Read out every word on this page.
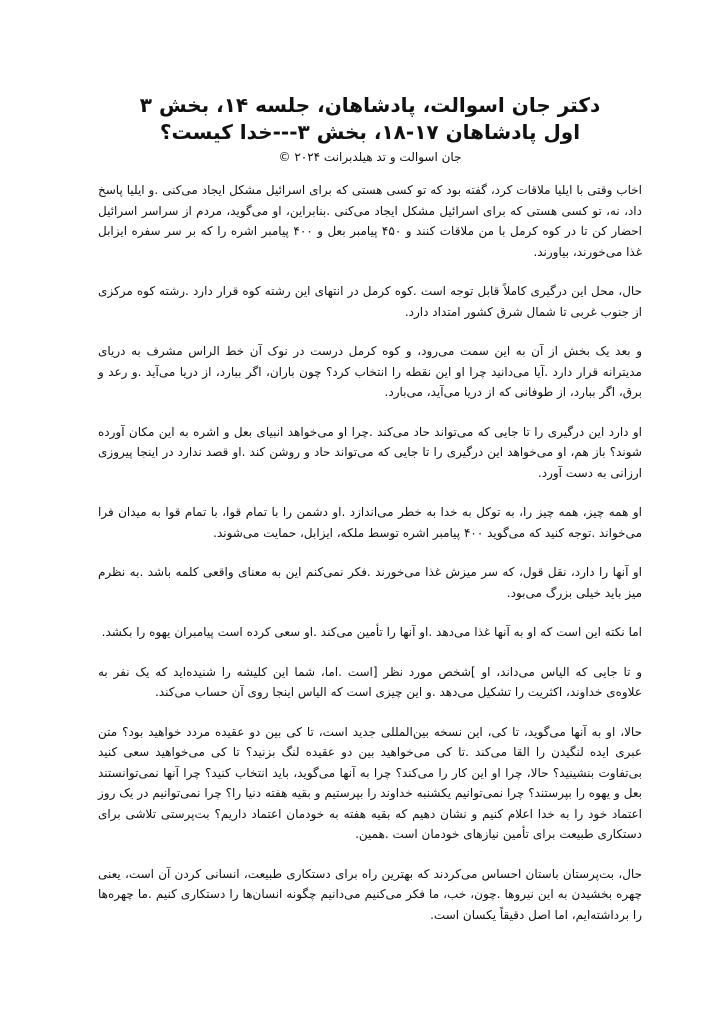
دکتر جان اسوالت، پادشاهان، جلسه ۱۴، بخش ۳
اول پادشاهان ۱۷-۱۸، بخش ۳---خدا کیست؟
جان اسوالت و تد هیلدبرانت ۲۰۲۴ ©

اخاب وقتی با ایلیا ملاقات کرد، گفته بود که تو کسی هستی که برای اسرائیل مشکل ایجاد می‌کنی .و ایلیا پاسخ داد، نه، تو کسی هستی که برای اسرائیل مشکل ایجاد می‌کنی .بنابراین، او می‌گوید، مردم از سراسر اسرائیل احضار کن تا در کوه کرمل با من ملاقات کنند و ۴۵۰ پیامبر بعل و ۴۰۰ پیامبر اشره را که بر سر سفره ایزابل غذا می‌خورند، بیاورند.

حال، محل این درگیری کاملاً قابل توجه است .کوه کرمل در انتهای این رشته کوه قرار دارد .رشته کوه مرکزی از جنوب غربی تا شمال شرق کشور امتداد دارد.

و بعد یک بخش از آن به این سمت می‌رود، و کوه کرمل درست در نوک آن خط الراس مشرف به دریای مدیترانه قرار دارد .آیا می‌دانید چرا او این نقطه را انتخاب کرد؟ چون باران، اگر ببارد، از دریا می‌آید .و رعد و برق، اگر ببارد، از طوفانی که از دریا می‌آید، می‌بارد.

او دارد این درگیری را تا جایی که می‌تواند حاد می‌کند .چرا او می‌خواهد انبیای بعل و اشره به این مکان آورده شوند؟ باز هم، او می‌خواهد این درگیری را تا جایی که می‌تواند حاد و روشن کند .او قصد ندارد در اینجا پیروزی ارزانی به دست آورد.

او همه چیز، همه چیز را، به توکل به خدا به خطر می‌اندازد .او دشمن را با تمام قوا، با تمام قوا به میدان فرا می‌خواند .توجه کنید که می‌گوید ۴۰۰ پیامبر اشره توسط ملکه، ایزابل، حمایت می‌شوند.

او آنها را دارد، نقل قول، که سر میزش غذا می‌خورند .فکر نمی‌کنم این به معنای واقعی کلمه باشد .به نظرم میز باید خیلی بزرگ می‌بود.

اما نکته این است که او به آنها غذا می‌دهد .او آنها را تأمین می‌کند .او سعی کرده است پیامبران یهوه را بکشد.

و تا جایی که الیاس می‌داند، او ]شخص مورد نظر [است .اما، شما این کلیشه را شنیده‌اید که یک نفر به علاوه‌ی خداوند، اکثریت را تشکیل می‌دهد .و این چیزی است که الیاس اینجا روی آن حساب می‌کند.

حالا، او به آنها می‌گوید، تا کی، این نسخه بین‌المللی جدید است، تا کی بین دو عقیده مردد خواهید بود؟ متن عبری ایده لنگیدن را القا می‌کند .تا کی می‌خواهید بین دو عقیده لنگ بزنید؟ تا کی می‌خواهید سعی کنید بی‌تفاوت بنشینید؟ حالا، چرا او این کار را می‌کند؟ چرا به آنها می‌گوید، باید انتخاب کنید؟ چرا آنها نمی‌توانستند بعل و یهوه را بپرستند؟ چرا نمی‌توانیم یکشنبه خداوند را بپرستیم و بقیه هفته دنیا را؟ چرا نمی‌توانیم در یک روز اعتماد خود را به خدا اعلام کنیم و نشان دهیم که بقیه هفته به خودمان اعتماد داریم؟ بت‌پرستی تلاشی برای دستکاری طبیعت برای تأمین نیازهای خودمان است .همین.

حال، بت‌پرستان باستان احساس می‌کردند که بهترین راه برای دستکاری طبیعت، انسانی کردن آن است، یعنی چهره بخشیدن به این نیروها .چون، خب، ما فکر می‌کنیم می‌دانیم چگونه انسان‌ها را دستکاری کنیم .ما چهره‌ها را برداشته‌ایم، اما اصل دقیقاً یکسان است.
